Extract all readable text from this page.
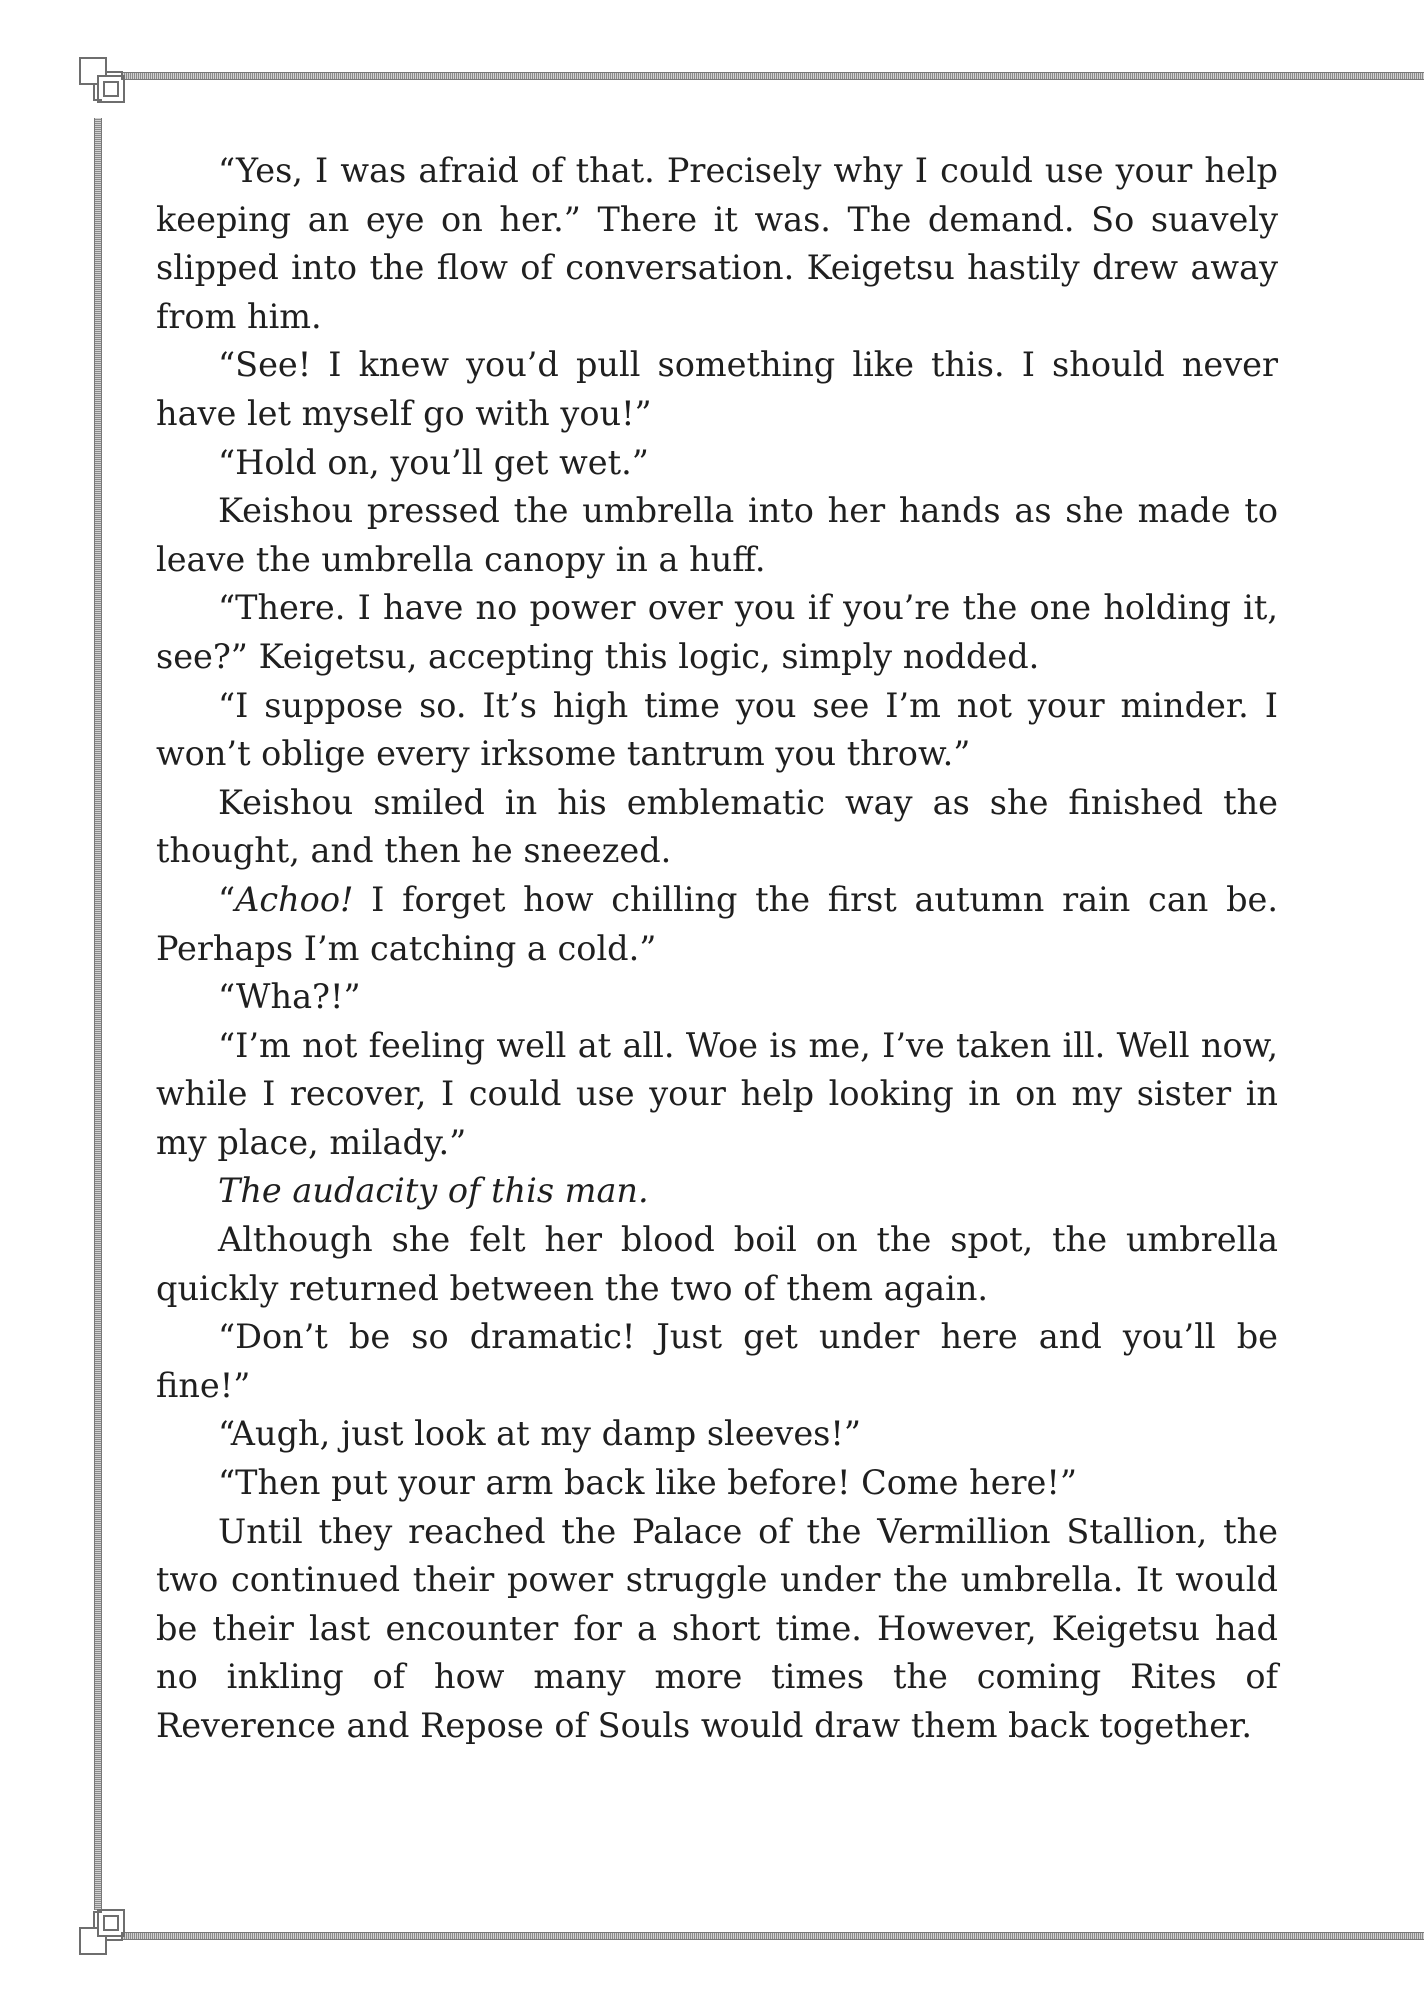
“Yes, I was afraid of that. Precisely why I could use your help keeping an eye on her.” There it was. The demand. So suavely slipped into the flow of conversation. Keigetsu hastily drew away from him.

“See! I knew you’d pull something like this. I should never have let myself go with you!”

“Hold on, you’ll get wet.”

Keishou pressed the umbrella into her hands as she made to leave the umbrella canopy in a huff.

“There. I have no power over you if you’re the one holding it, see?” Keigetsu, accepting this logic, simply nodded.

“I suppose so. It’s high time you see I’m not your minder. I won’t oblige every irksome tantrum you throw.”

Keishou smiled in his emblematic way as she finished the thought, and then he sneezed.

“Achoo! I forget how chilling the first autumn rain can be. Perhaps I’m catching a cold.”

“Wha?!”

“I’m not feeling well at all. Woe is me, I’ve taken ill. Well now, while I recover, I could use your help looking in on my sister in my place, milady.”

The audacity of this man.

Although she felt her blood boil on the spot, the umbrella quickly returned between the two of them again.

“Don’t be so dramatic! Just get under here and you’ll be fine!”

“Augh, just look at my damp sleeves!”

“Then put your arm back like before! Come here!”

Until they reached the Palace of the Vermillion Stallion, the two continued their power struggle under the umbrella. It would be their last encounter for a short time. However, Keigetsu had no inkling of how many more times the coming Rites of Reverence and Repose of Souls would draw them back together.
